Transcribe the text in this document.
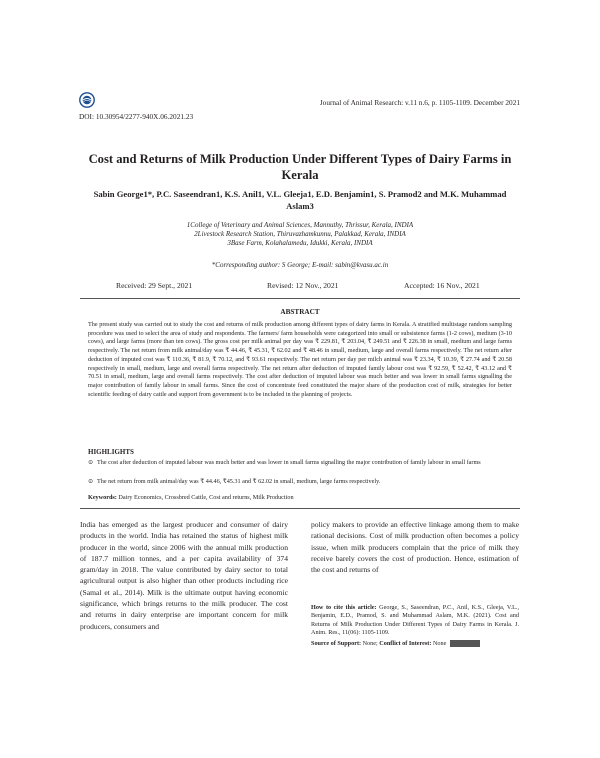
DOI: 10.30954/2277-940X.06.2021.23
Journal of Animal Research: v.11 n.6, p. 1105-1109. December 2021
Cost and Returns of Milk Production Under Different Types of Dairy Farms in Kerala
Sabin George1*, P.C. Saseendran1, K.S. Anil1, V.L. Gleeja1, E.D. Benjamin1, S. Pramod2 and M.K. Muhammad Aslam3
1College of Veterinary and Animal Sciences, Mannuthy, Thrissur, Kerala, INDIA
2Livestock Research Station, Thiruvazhamkunnu, Palakkad, Kerala, INDIA
3Base Farm, Kolahalamedu, Idukki, Kerala, INDIA
*Corresponding author: S George; E-mail: sabin@kvasu.ac.in
Received: 29 Sept., 2021	Revised: 12 Nov., 2021	Accepted: 16 Nov., 2021
ABSTRACT
The present study was carried out to study the cost and returns of milk production among different types of dairy farms in Kerala. A stratified multistage random sampling procedure was used to select the area of study and respondents. The farmers/ farm households were categorized into small or subsistence farms (1-2 cows), medium (3-10 cows), and large farms (more than ten cows). The gross cost per milk animal per day was ₹ 229.81, ₹ 203.04, ₹ 249.51 and ₹ 226.38 in small, medium and large farms respectively. The net return from milk animal/day was ₹ 44.46, ₹ 45.31, ₹ 62.02 and ₹ 48.46 in small, medium, large and overall farms respectively. The net return after deduction of imputed cost was ₹ 110.36, ₹ 81.9, ₹ 70.12, and ₹ 93.61 respectively. The net return per day per milch animal was ₹ 23.34, ₹ 10.39, ₹ 27.74 and ₹ 20.58 respectively in small, medium, large and overall farms respectively. The net return after deduction of imputed family labour cost was ₹ 92.59, ₹ 52.42, ₹ 43.12 and ₹ 70.51 in small, medium, large and overall farms respectively. The cost after deduction of imputed labour was much better and was lower in small farms signalling the major contribution of family labour in small farms. Since the cost of concentrate feed constituted the major share of the production cost of milk, strategies for better scientific feeding of dairy cattle and support from government is to be included in the planning of projects.
HIGHLIGHTS
⊙ The cost after deduction of imputed labour was much better and was lower in small farms signalling the major contribution of family labour in small farms
⊙ The net return from milk animal/day was ₹ 44.46, ₹45.31 and ₹ 62.02 in small, medium, large farms respectively.
Keywords: Dairy Economics, Crossbred Cattle, Cost and returns, Milk Production
India has emerged as the largest producer and consumer of dairy products in the world. India has retained the status of highest milk producer in the world, since 2006 with the annual milk production of 187.7 million tonnes, and a per capita availability of 374 gram/day in 2018. The value contributed by dairy sector to total agricultural output is also higher than other products including rice (Samal et al., 2014). Milk is the ultimate output having economic significance, which brings returns to the milk producer. The cost and returns in dairy enterprise are important concern for milk producers, consumers and
policy makers to provide an effective linkage among them to make rational decisions. Cost of milk production often becomes a policy issue, when milk producers complain that the price of milk they receive barely covers the cost of production. Hence, estimation of the cost and returns of
How to cite this article: George, S., Saseendran, P.C., Anil, K.S., Gleeja, V.L., Benjamin, E.D., Pramod, S. and Muhammad Aslam, M.K. (2021). Cost and Returns of Milk Production Under Different Types of Dairy Farms in Kerala. J. Anim. Res., 11(06): 1105-1109.
Source of Support: None; Conflict of Interest: None
